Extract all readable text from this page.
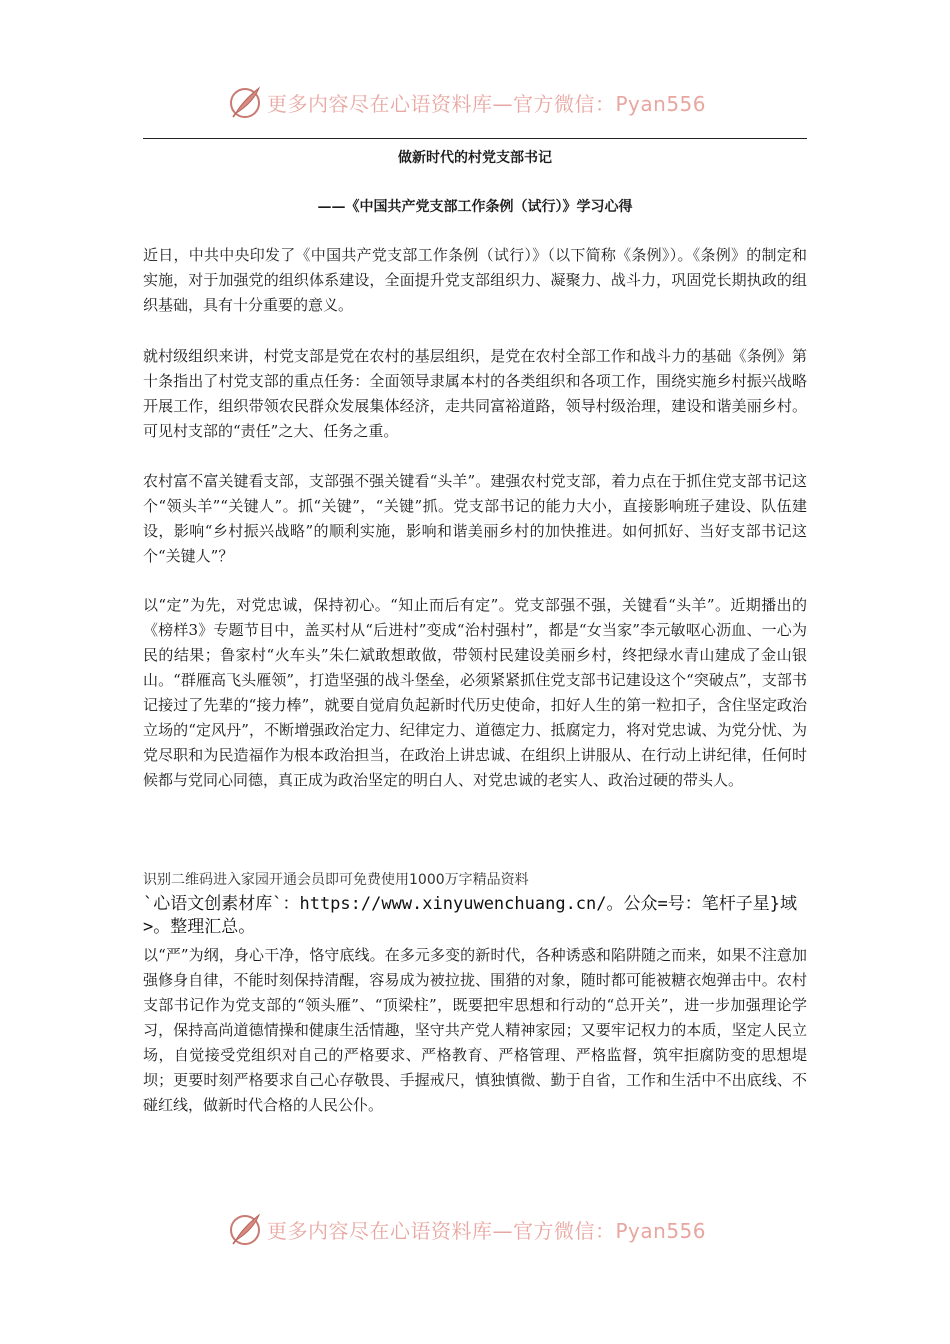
更多内容尽在心语资料库—官方微信：Pyan556
做新时代的村党支部书记
——《中国共产党支部工作条例（试行）》学习心得

近日，中共中央印发了《中国共产党支部工作条例（试行）》（以下简称《条例》）。《条例》的制定和实施，对于加强党的组织体系建设，全面提升党支部组织力、凝聚力、战斗力，巩固党长期执政的组织基础，具有十分重要的意义。

就村级组织来讲，村党支部是党在农村的基层组织，是党在农村全部工作和战斗力的基础《条例》第十条指出了村党支部的重点任务：全面领导隶属本村的各类组织和各项工作，围绕实施乡村振兴战略开展工作，组织带领农民群众发展集体经济，走共同富裕道路，领导村级治理，建设和谐美丽乡村。可见村支部的“责任”之大、任务之重。

农村富不富关键看支部，支部强不强关键看“头羊”。建强农村党支部，着力点在于抓住党支部书记这个“领头羊”“关键人”。抓“关键”，“关键”抓。党支部书记的能力大小，直接影响班子建设、队伍建设，影响“乡村振兴战略”的顺利实施，影响和谐美丽乡村的加快推进。如何抓好、当好支部书记这个“关键人”？

以“定”为先，对党忠诚，保持初心。“知止而后有定”。党支部强不强，关键看“头羊”。近期播出的《榜样3》专题节目中，盖买村从“后进村”变成“治村强村”，都是“女当家”李元敏呕心沥血、一心为民的结果；鲁家村“火车头”朱仁斌敢想敢做，带领村民建设美丽乡村，终把绿水青山建成了金山银山。“群雁高飞头雁领”，打造坚强的战斗堡垒，必须紧紧抓住党支部书记建设这个“突破点”，支部书记接过了先辈的“接力棒”，就要自觉肩负起新时代历史使命，扣好人生的第一粒扣子，含住坚定政治立场的“定风丹”，不断增强政治定力、纪律定力、道德定力、抵腐定力，将对党忠诚、为党分忧、为党尽职和为民造福作为根本政治担当，在政治上讲忠诚、在组织上讲服从、在行动上讲纪律，任何时候都与党同心同德，真正成为政治坚定的明白人、对党忠诚的老实人、政治过硬的带头人。

识别二维码进入家园开通会员即可免费使用1000万字精品资料
`心语文创素材库`：https://www.xinyuwenchuang.cn/。公众=号：笔杆子星}域>。整理汇总。

以“严”为纲，身心干净，恪守底线。在多元多变的新时代，各种诱惑和陷阱随之而来，如果不注意加强修身自律，不能时刻保持清醒，容易成为被拉拢、围猎的对象，随时都可能被糖衣炮弹击中。农村支部书记作为党支部的“领头雁”、“顶梁柱”，既要把牢思想和行动的“总开关”，进一步加强理论学习，保持高尚道德情操和健康生活情趣，坚守共产党人精神家园；又要牢记权力的本质，坚定人民立场，自觉接受党组织对自己的严格要求、严格教育、严格管理、严格监督，筑牢拒腐防变的思想堤坝；更要时刻严格要求自己心存敬畏、手握戒尺，慎独慎微、勤于自省，工作和生活中不出底线、不碰红线，做新时代合格的人民公仆。

更多内容尽在心语资料库—官方微信：Pyan556
